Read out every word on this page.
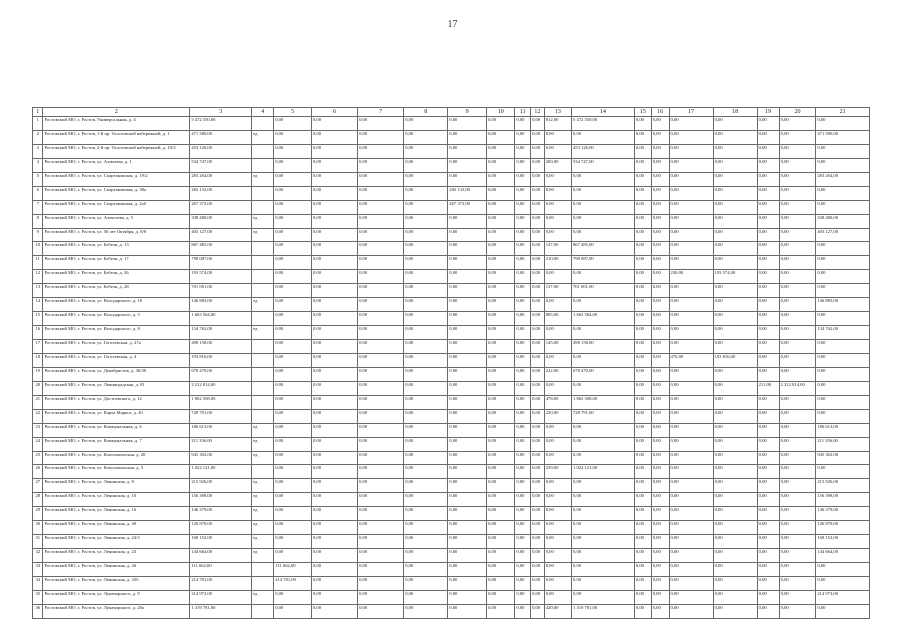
17
1	2	3	4	5	6	7	8	9	10	11	12	13	14	15	16	17	18	19	20	21
1	Ростовский МО, г. Ростов, Универсальная, д. 4	5 472 550,00		0,00	0,00	0,00	0,00	0,00	0,00	0,00	0,00	812,00	5 472 550,00	0,00	0,00	0,00	0,00	0,00	0,00	0,00
2	Ростовский МО, г. Ростов, 1-й пр. Толстовской набережной, д. 1	471 580,00	ед	0,00	0,00	0,00	0,00	0,00	0,00	0,00	0,00	0,00	0,00	0,00	0,00	0,00	0,00	0,00	0,00	471 580,00
3	Ростовский МО, г. Ростов, 2-й пр. Толстовской набережной, д. 10/3	453 126,00		0,00	0,00	0,00	0,00	0,00	0,00	0,00	0,00	0,00	453 126,00	0,00	0,00	0,00	0,00	0,00	0,00	0,00
4	Ростовский МО, г. Ростов, ул. Алмазова, д. 1	534 747,00		0,00	0,00	0,00	0,00	0,00	0,00	0,00	0,00	200,00	534 747,00	0,00	0,00	0,00	0,00	0,00	0,00	0,00
5	Ростовский МО, г. Ростов, ул. Спартаковская, д. 19/2	283 264,00	ед	0,00	0,00	0,00	0,00	0,00	0,00	0,00	0,00	0,00	0,00	0,00	0,00	0,00	0,00	0,00	0,00	283 264,00
6	Ростовский МО, г. Ростов, ул. Спартаковская, д. 38а	282 132,00		0,00	0,00	0,00	0,00	282 132,00	0,00	0,00	0,00	0,00	0,00	0,00	0,00	0,00	0,00	0,00	0,00	0,00
7	Ростовский МО, г. Ростов, ул. Спартаковская, д. 2аб	267 373,00		0,00	0,00	0,00	0,00	267 373,00	0,00	0,00	0,00	0,00	0,00	0,00	0,00	0,00	0,00	0,00	0,00	0,00
8	Ростовский МО, г. Ростов, ул. Алексеева, д. 5	338 480,00	ед	0,00	0,00	0,00	0,00	0,00	0,00	0,00	0,00	0,00	0,00	0,00	0,00	0,00	0,00	0,00	0,00	338 480,00
9	Ростовский МО, г. Ростов, ул. 50 лет Октября, д. 8/8	403 127,00	ед	0,00	0,00	0,00	0,00	0,00	0,00	0,00	0,00	0,00	0,00	0,00	0,00	0,00	0,00	0,00	0,00	403 127,00
10	Ростовский МО, г. Ростов, ул. Бебеля, д. 13	867 485,00		0,00	0,00	0,00	0,00	0,00	0,00	0,00	0,00	147,00	867 485,00	0,00	0,00	0,00	0,00	0,00	0,00	0,00
11	Ростовский МО, г. Ростов, ул. Бебеля, д. 17	798 087,00		0,00	0,00	0,00	0,00	0,00	0,00	0,00	0,00	210,00	798 087,00	0,00	0,00	0,00	0,00	0,00	0,00	0,00
12	Ростовский МО, г. Ростов, ул. Бебеля, д. 26	193 574,00		0,00	0,00	0,00	0,00	0,00	0,00	0,00	0,00	0,00	0,00	0,00	0,00	230,00	193 574,00	0,00	0,00	0,00
13	Ростовский МО, г. Ростов, ул. Бебеля, д. 28	701 001,00		0,00	0,00	0,00	0,00	0,00	0,00	0,00	0,00	137,00	701 001,00	0,00	0,00	0,00	0,00	0,00	0,00	0,00
14	Ростовский МО, г. Ростов, ул. Володарского, д. 10	146 883,00	ед	0,00	0,00	0,00	0,00	0,00	0,00	0,00	0,00	0,00	0,00	0,00	0,00	0,00	0,00	0,00	0,00	146 883,00
15	Ростовский МО, г. Ростов, ул. Володарского, д. 5	1 663 564,00		0,00	0,00	0,00	0,00	0,00	0,00	0,00	0,00	805,00	1 663 564,00	0,00	0,00	0,00	0,00	0,00	0,00	0,00
16	Ростовский МО, г. Ростов, ул. Володарского, д. 8	134 762,00	ед	0,00	0,00	0,00	0,00	0,00	0,00	0,00	0,00	0,00	0,00	0,00	0,00	0,00	0,00	0,00	0,00	134 762,00
17	Ростовский МО, г. Ростов, ул. Гоголевская, д. 27а	498 158,00		0,00	0,00	0,00	0,00	0,00	0,00	0,00	0,00	145,00	498 158,00	0,00	0,00	0,00	0,00	0,00	0,00	0,00
18	Ростовский МО, г. Ростов, ул. Гоголевская, д. 4	193 816,00		0,00	0,00	0,00	0,00	0,00	0,00	0,00	0,00	0,00	0,00	0,00	0,00	476,00	193 816,00	0,00	0,00	0,00
19	Ростовский МО, г. Ростов, ул. Декабристов, д. 36/30	678 470,00		0,00	0,00	0,00	0,00	0,00	0,00	0,00	0,00	222,00	678 470,00	0,00	0,00	0,00	0,00	0,00	0,00	0,00
20	Ростовский МО, г. Ростов, ул. Ленинградская, д. 81	2 212 814,00		0,00	0,00	0,00	0,00	0,00	0,00	0,00	0,00	0,00	0,00	0,00	0,00	0,00	0,00	211,00	2 212 814,00	0,00
21	Ростовский МО, г. Ростов, ул. Достоевского, д. 12	1 802 508,00		0,00	0,00	0,00	0,00	0,00	0,00	0,00	0,00	478,00	1 802 508,00	0,00	0,00	0,00	0,00	0,00	0,00	0,00
22	Ростовский МО, г. Ростов, ул. Карла Маркса, д. 20	728 791,00		0,00	0,00	0,00	0,00	0,00	0,00	0,00	0,00	220,00	728 791,00	0,00	0,00	0,00	0,00	0,00	0,00	0,00
23	Ростовский МО, г. Ростов, ул. Коммунальная, д. 6	186 613,00	ед	0,00	0,00	0,00	0,00	0,00	0,00	0,00	0,00	0,00	0,00	0,00	0,00	0,00	0,00	0,00	0,00	186 613,00
24	Ростовский МО, г. Ростов, ул. Коммунальная, д. 7	211 356,00	ед	0,00	0,00	0,00	0,00	0,00	0,00	0,00	0,00	0,00	0,00	0,00	0,00	0,00	0,00	0,00	0,00	211 356,00
25	Ростовский МО, г. Ростов, ул. Комсомольская, д. 20	945 302,00	ед	0,00	0,00	0,00	0,00	0,00	0,00	0,00	0,00	0,00	0,00	0,00	0,00	0,00	0,00	0,00	0,00	945 302,00
26	Ростовский МО, г. Ростов, ул. Комсомольская, д. 3	1 022 121,00		0,00	0,00	0,00	0,00	0,00	0,00	0,00	0,00	239,00	1 022 121,00	0,00	0,00	0,00	0,00	0,00	0,00	0,00
27	Ростовский МО, г. Ростов, ул. Ленинская, д. 8	215 926,00	ед	0,00	0,00	0,00	0,00	0,00	0,00	0,00	0,00	0,00	0,00	0,00	0,00	0,00	0,00	0,00	0,00	215 926,00
28	Ростовский МО, г. Ростов, ул. Ленинская, д. 10	156 398,00	ед	0,00	0,00	0,00	0,00	0,00	0,00	0,00	0,00	0,00	0,00	0,00	0,00	0,00	0,00	0,00	0,00	156 398,00
29	Ростовский МО, г. Ростов, ул. Ленинская, д. 16	146 379,00	ед	0,00	0,00	0,00	0,00	0,00	0,00	0,00	0,00	0,00	0,00	0,00	0,00	0,00	0,00	0,00	0,00	146 379,00
30	Ростовский МО, г. Ростов, ул. Ленинская, д. 40	126 870,00	ед	0,00	0,00	0,00	0,00	0,00	0,00	0,00	0,00	0,00	0,00	0,00	0,00	0,00	0,00	0,00	0,00	126 870,00
31	Ростовский МО, г. Ростов, ул. Ленинская, д. 24/3	168 152,00	ед	0,00	0,00	0,00	0,00	0,00	0,00	0,00	0,00	0,00	0,00	0,00	0,00	0,00	0,00	0,00	0,00	168 152,00
32	Ростовский МО, г. Ростов, ул. Ленинская, д. 23	144 664,00	ед	0,00	0,00	0,00	0,00	0,00	0,00	0,00	0,00	0,00	0,00	0,00	0,00	0,00	0,00	0,00	0,00	144 664,00
33	Ростовский МО, г. Ростов, ул. Ленинская, д. 26	111 662,00		111 662,00	0,00	0,00	0,00	0,00	0,00	0,00	0,00	0,00	0,00	0,00	0,00	0,00	0,00	0,00	0,00	0,00
34	Ростовский МО, г. Ростов, ул. Ленинская, д. 35б	214 781,00		214 781,00	0,00	0,00	0,00	0,00	0,00	0,00	0,00	0,00	0,00	0,00	0,00	0,00	0,00	0,00	0,00	0,00
35	Ростовский МО, г. Ростов, ул. Луначарского, д. 9	214 973,00	ед	0,00	0,00	0,00	0,00	0,00	0,00	0,00	0,00	0,00	0,00	0,00	0,00	0,00	0,00	0,00	0,00	214 973,00
36	Ростовский МО, г. Ростов, ул. Луначарского, д. 20а	1 319 781,00		0,00	0,00	0,00	0,00	0,00	0,00	0,00	0,00	420,00	1 319 781,00	0,00	0,00	0,00	0,00	0,00	0,00	0,00
